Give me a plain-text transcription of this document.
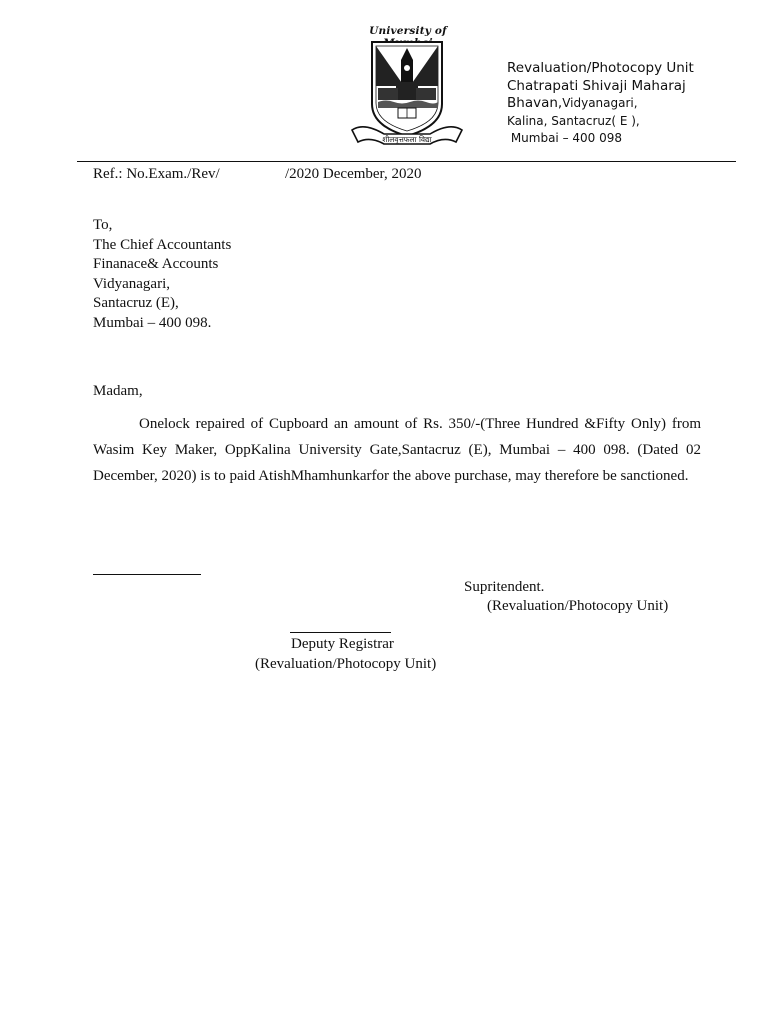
University of
शीलवृत्तफला विद्या
Revaluation/Photocopy Unit
Chatrapati Shivaji Maharaj
Bhavan,Vidyanagari,
Kalina, Santacruz( E ),
Mumbai – 400 098
Ref.: No.Exam./Rev/	/2020 December, 2020
To,
The Chief Accountants
Finanace& Accounts
Vidyanagari,
Santacruz (E),
Mumbai – 400 098.
Madam,

Onelock repaired of Cupboard an amount of Rs. 350/-(Three Hundred &Fifty Only) from Wasim Key Maker, OppKalina University Gate,Santacruz (E), Mumbai – 400 098. (Dated 02 December, 2020) is to paid AtishMhamhunkarfor the above purchase, may therefore be sanctioned.

Supritendent.
(Revaluation/Photocopy Unit)
Deputy Registrar
(Revaluation/Photocopy Unit)
